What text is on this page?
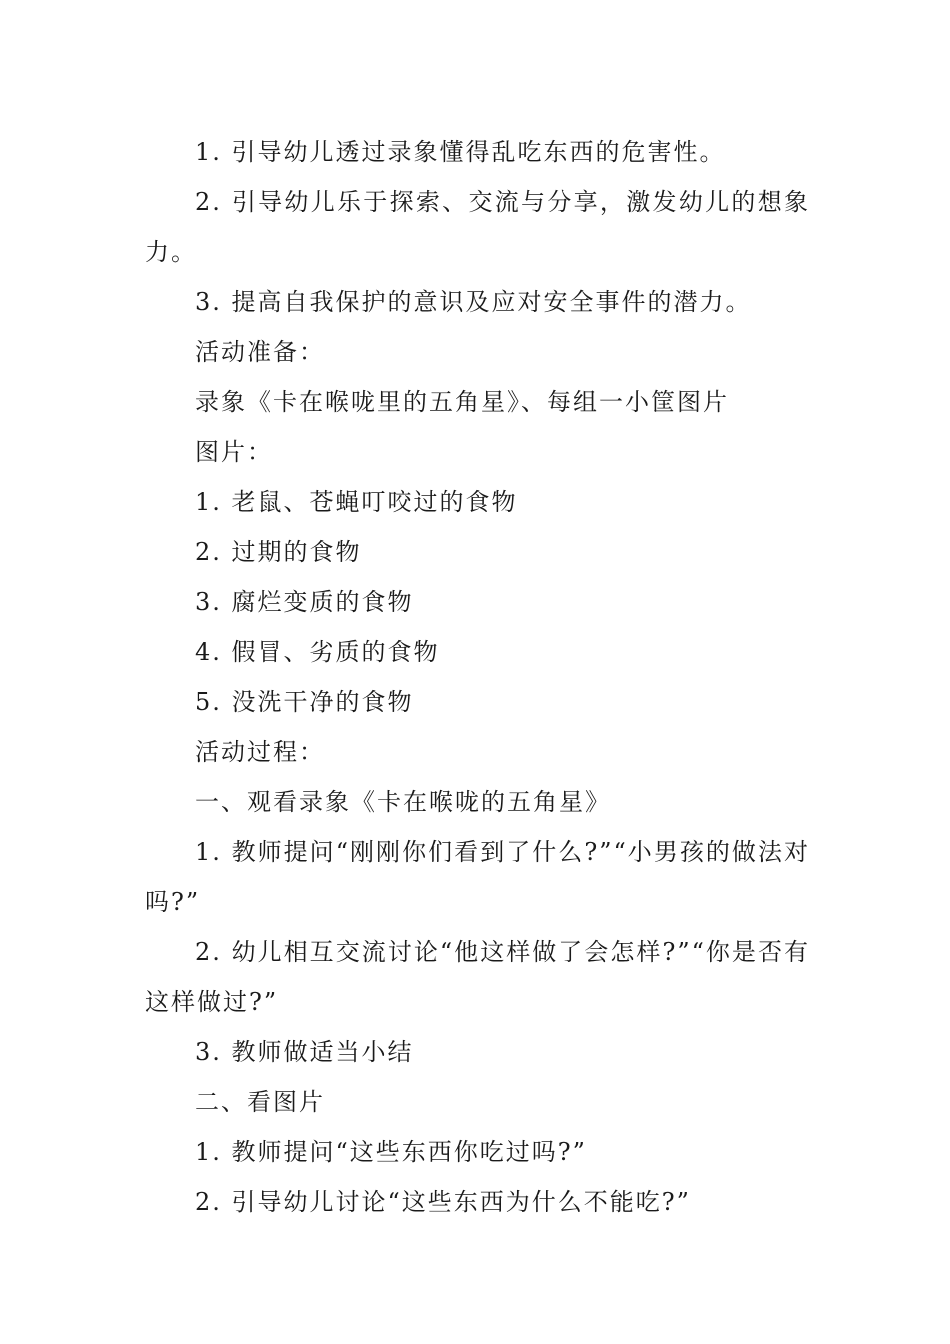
1. 引导幼儿透过录象懂得乱吃东西的危害性。

2. 引导幼儿乐于探索、交流与分享，激发幼儿的想象力。

3. 提高自我保护的意识及应对安全事件的潜力。

活动准备：

录象《卡在喉咙里的五角星》、每组一小筐图片

图片：

1. 老鼠、苍蝇叮咬过的食物

2. 过期的食物

3. 腐烂变质的食物

4. 假冒、劣质的食物

5. 没洗干净的食物

活动过程：

一、观看录象《卡在喉咙的五角星》

1. 教师提问“刚刚你们看到了什么?”“小男孩的做法对吗?”

2. 幼儿相互交流讨论“他这样做了会怎样?”“你是否有这样做过?”

3. 教师做适当小结

二、看图片

1. 教师提问“这些东西你吃过吗?”

2. 引导幼儿讨论“这些东西为什么不能吃?”
